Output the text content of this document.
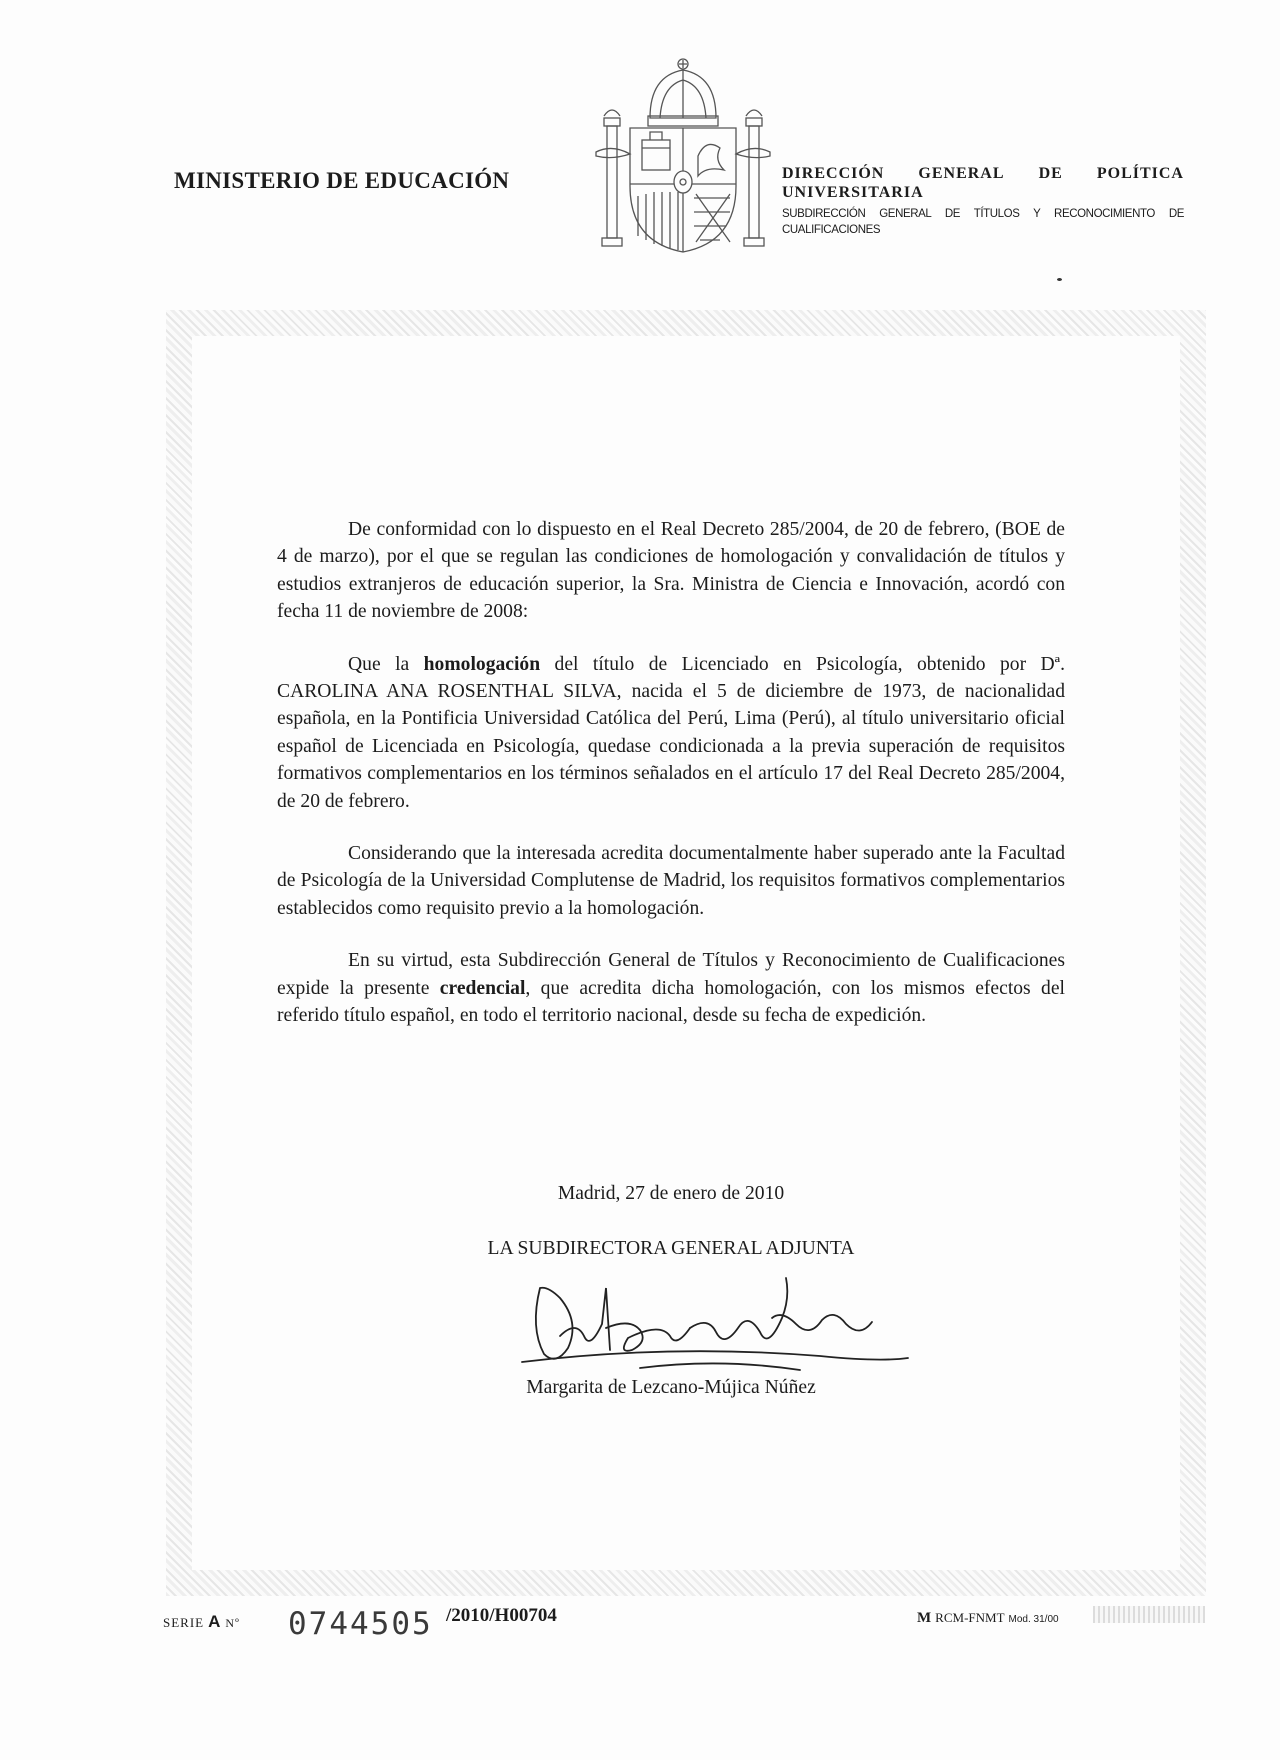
MINISTERIO DE EDUCACIÓN	DIRECCIÓN GENERAL DE POLÍTICA
UNIVERSITARIA
SUBDIRECCIÓN GENERAL DE TÍTULOS Y RECONOCIMIENTO DE CUALIFICACIONES

De conformidad con lo dispuesto en el Real Decreto 285/2004, de 20 de febrero, (BOE de 4 de marzo), por el que se regulan las condiciones de homologación y convalidación de títulos y estudios extranjeros de educación superior, la Sra. Ministra de Ciencia e Innovación, acordó con fecha 11 de noviembre de 2008:

Que la homologación del título de Licenciado en Psicología, obtenido por Dª. CAROLINA ANA ROSENTHAL SILVA, nacida el 5 de diciembre de 1973, de nacionalidad española, en la Pontificia Universidad Católica del Perú, Lima (Perú), al título universitario oficial español de Licenciada en Psicología, quedase condicionada a la previa superación de requisitos formativos complementarios en los términos señalados en el artículo 17 del Real Decreto 285/2004, de 20 de febrero.

Considerando que la interesada acredita documentalmente haber superado ante la Facultad de Psicología de la Universidad Complutense de Madrid, los requisitos formativos complementarios establecidos como requisito previo a la homologación.

En su virtud, esta Subdirección General de Títulos y Reconocimiento de Cualificaciones expide la presente credencial, que acredita dicha homologación, con los mismos efectos del referido título español, en todo el territorio nacional, desde su fecha de expedición.

Madrid, 27 de enero de 2010
LA SUBDIRECTORA GENERAL ADJUNTA
Margarita de Lezcano-Mújica Núñez
SERIE A Nº 0744505 /2010/H00704	M RCM-FNMT Mod. 31/00
